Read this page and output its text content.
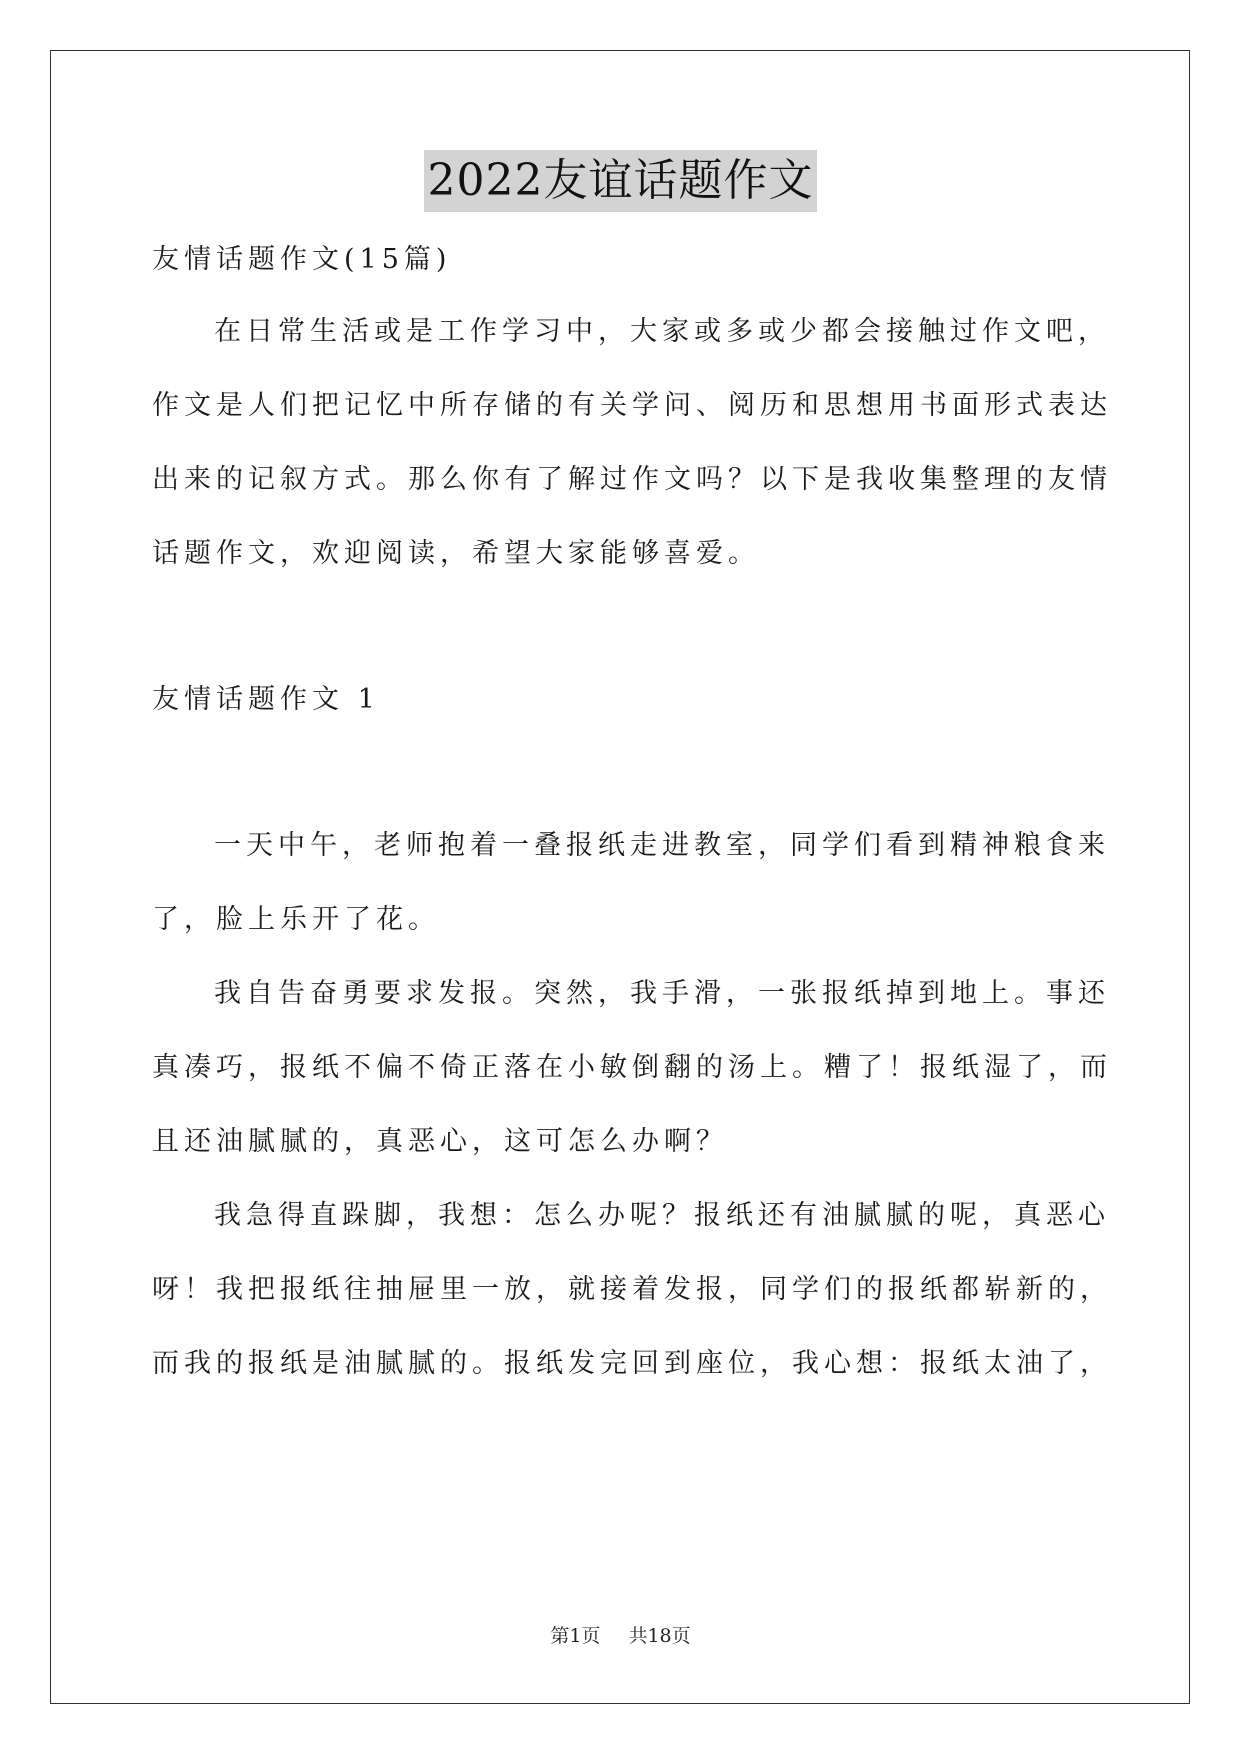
2022友谊话题作文

友情话题作文(15篇)

在日常生活或是工作学习中，大家或多或少都会接触过作文吧，

作文是人们把记忆中所存储的有关学问、阅历和思想用书面形式表达

出来的记叙方式。那么你有了解过作文吗？以下是我收集整理的友情

话题作文，欢迎阅读，希望大家能够喜爱。

友情话题作文 1

一天中午，老师抱着一叠报纸走进教室，同学们看到精神粮食来

了，脸上乐开了花。

我自告奋勇要求发报。突然，我手滑，一张报纸掉到地上。事还

真凑巧，报纸不偏不倚正落在小敏倒翻的汤上。糟了！报纸湿了，而

且还油腻腻的，真恶心，这可怎么办啊？

我急得直跺脚，我想：怎么办呢？报纸还有油腻腻的呢，真恶心

呀！我把报纸往抽屉里一放，就接着发报，同学们的报纸都崭新的，

而我的报纸是油腻腻的。报纸发完回到座位，我心想：报纸太油了，

第1页 共18页
